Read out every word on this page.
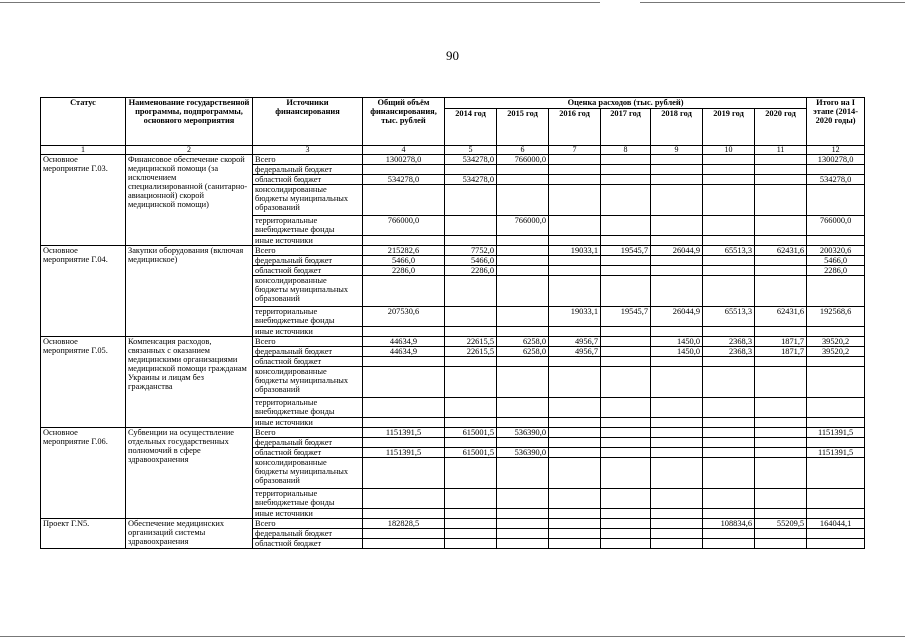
90
Статус	Наименование государственной программы, подпрограммы, основного мероприятия	Источники финансирования	Общий объём финансирования, тыс. рублей	Оценка расходов (тыс. рублей)							Итого на I этапе (2014-2020 годы)
				2014 год	2015 год	2016 год	2017 год	2018 год	2019 год	2020 год	
1	2	3	4	5	6	7	8	9	10	11	12
Основное мероприятие Г.03.	Финансовое обеспечение скорой медицинской помощи (за исключением специализированной (санитарно-авиационной) скорой медицинской помощи)	Всего	1300278,0	534278,0	766000,0						1300278,0
		федеральный бюджет									
		областной бюджет	534278,0	534278,0							534278,0
		консолидированные бюджеты муниципальных образований									
		территориальные внебюджетные фонды	766000,0		766000,0						766000,0
		иные источники									
Основное мероприятие Г.04.	Закупки оборудования (включая медицинское)	Всего	215282,6	7752,0		19033,1	19545,7	26044,9	65513,3	62431,6	200320,6
		федеральный бюджет	5466,0	5466,0							5466,0
		областной бюджет	2286,0	2286,0							2286,0
		консолидированные бюджеты муниципальных образований									
		территориальные внебюджетные фонды	207530,6			19033,1	19545,7	26044,9	65513,3	62431,6	192568,6
		иные источники									
Основное мероприятие Г.05.	Компенсация расходов, связанных с оказанием медицинскими организациями медицинской помощи гражданам Украины и лицам без гражданства	Всего	44634,9	22615,5	6258,0	4956,7		1450,0	2368,3	1871,7	39520,2
		федеральный бюджет	44634,9	22615,5	6258,0	4956,7		1450,0	2368,3	1871,7	39520,2
		областной бюджет									
		консолидированные бюджеты муниципальных образований									
		территориальные внебюджетные фонды									
		иные источники									
Основное мероприятие Г.06.	Субвенции на осуществление отдельных государственных полномочий в сфере здравоохранения	Всего	1151391,5	615001,5	536390,0						1151391,5
		федеральный бюджет									
		областной бюджет	1151391,5	615001,5	536390,0						1151391,5
		консолидированные бюджеты муниципальных образований									
		территориальные внебюджетные фонды									
		иные источники									
Проект Г.N5.	Обеспечение медицинских организаций системы здравоохранения	Всего	182828,5						108834,6	55209,5	164044,1
		федеральный бюджет									
		областной бюджет									
